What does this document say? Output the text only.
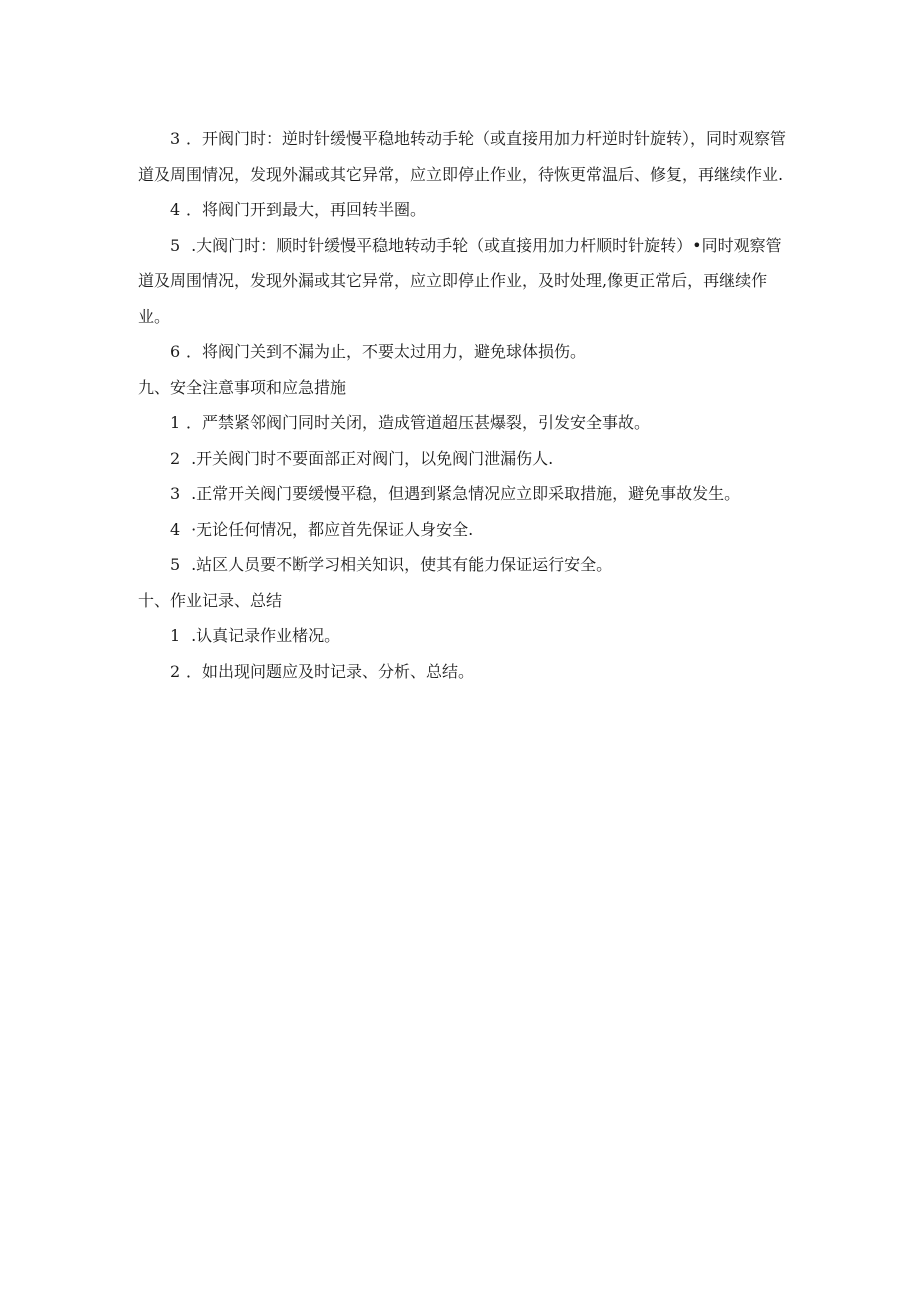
3 ．开阀门时：逆时针缓慢平稳地转动手轮（或直接用加力杆逆时针旋转），同时观察管道及周围情况，发现外漏或其它异常，应立即停止作业，待恢更常温后、修复，再继续作业.

4 ．将阀门开到最大，再回转半圈。

5 .大阀门时：顺时针缓慢平稳地转动手轮（或直接用加力杆顺时针旋转）•同时观察管道及周围情况，发现外漏或其它异常，应立即停止作业，及时处理,像更正常后，再继续作业。

6 ．将阀门关到不漏为止，不要太过用力，避免球体损伤。

九、安全注意事项和应急措施

1 ．严禁紧邻阀门同时关闭，造成管道超压甚爆裂，引发安全事故。

2 .开关阀门时不要面部正对阀门，以免阀门泄漏伤人.

3 .正常开关阀门要缓慢平稳，但遇到紧急情况应立即采取措施，避免事故发生。

4 ·无论任何情况，都应首先保证人身安全.

5 .站区人员要不断学习相关知识，使其有能力保证运行安全。

十、作业记录、总结

1 .认真记录作业楮况。

2 ．如出现问题应及时记录、分析、总结。
